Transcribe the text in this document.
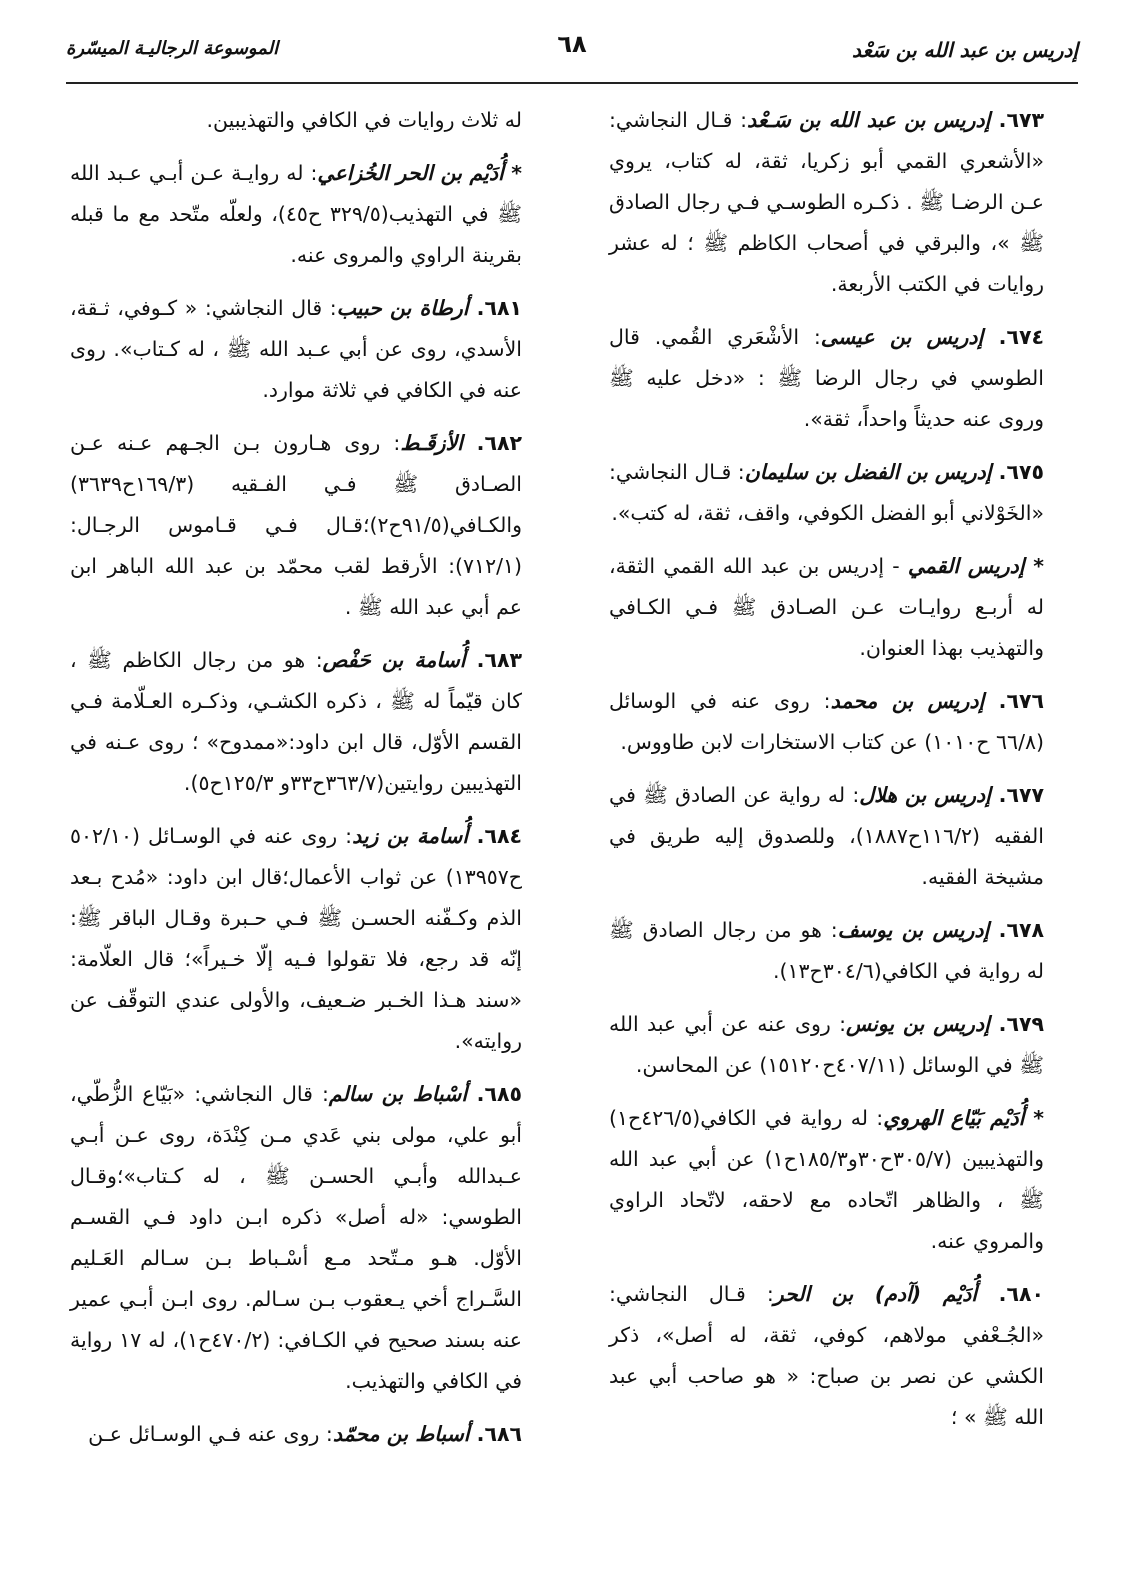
إدريس بن عبد الله بن سَعْد
٦٨
الموسوعة الرجاليـة الميسّرة

٦٧٣. إدريس بن عبد الله بن سَـعْد: قـال النجاشي: «الأشعري القمي أبو زكريا، ثقة، له كتاب، يروي عـن الرضـا ﷺ . ذكـره الطوسـي فـي رجال الصادق ﷺ »، والبرقي في أصحاب الكاظم ﷺ ؛ له عشر روايات في الكتب الأربعة.

٦٧٤. إدريس بن عيسى: الأشْعَري القُمي. قال الطوسي في رجال الرضا ﷺ : «دخل عليه ﷺ وروى عنه حديثاً واحداً، ثقة».

٦٧٥. إدريس بن الفضل بن سليمان: قـال النجاشي: «الخَوْلاني أبو الفضل الكوفي، واقف، ثقة، له كتب».

* إدريس القمي - إدريس بن عبد الله القمي الثقة، له أربـع روايـات عـن الصـادق ﷺ فـي الكـافي والتهذيب بهذا العنوان.

٦٧٦. إدريس بن محمد: روى عنه في الوسائل (٦٦/٨ ح١٠١٠) عن كتاب الاستخارات لابن طاووس.

٦٧٧. إدريس بن هلال: له رواية عن الصادق ﷺ في الفقيه (١١٦/٢ح١٨٨٧)، وللصدوق إليه طريق في مشيخة الفقيه.

٦٧٨. إدريس بن يوسف: هو من رجال الصادق ﷺ له رواية في الكافي(٣٠٤/٦ح١٣).

٦٧٩. إدريس بن يونس: روى عنه عن أبي عبد الله ﷺ في الوسائل (٤٠٧/١١ح١٥١٢٠) عن المحاسن.

* أُدَيْم بَيّاع الهروي: له رواية في الكافي(٤٢٦/٥ح١) والتهذيبين (٣٠٥/٧ح٣٠و١٨٥/٣ح١) عن أبي عبد الله ﷺ ، والظاهر اتّحاده مع لاحقه، لاتّحاد الراوي والمروي عنه.

٦٨٠. أُدَيْم (آدم) بن الحر: قـال النجاشي: «الجُـعْفي مولاهم، كوفي، ثقة، له أصل»، ذكر الكشي عن نصر بن صباح: « هو صاحب أبي عبد الله ﷺ » ؛

له ثلاث روايات في الكافي والتهذيبين.

* أُدَيْم بن الحر الخُزاعي: له روايـة عـن أبـي عـبد الله ﷺ في التهذيب(٣٢٩/٥ ح٤٥)، ولعلّه متّحد مع ما قبله بقرينة الراوي والمروى عنه.

٦٨١. أرطاة بن حبيب: قال النجاشي: « كـوفي، ثـقة، الأسدي، روى عن أبي عـبد الله ﷺ ، له كـتاب». روى عنه في الكافي في ثلاثة موارد.

٦٨٢. الأزقَـط: روى هـارون بـن الجـهم عـنه عـن الصـادق ﷺ فـي الفـقيه (١٦٩/٣ح٣٦٣٩) والكـافي(٩١/٥ح٢)؛قـال فـي قـاموس الرجـال: (٧١٢/١): الأرقط لقب محمّد بن عبد الله الباهر ابن عم أبي عبد الله ﷺ .

٦٨٣. أُسامة بن حَفْص: هو من رجال الكاظم ﷺ ، كان قيّماً له ﷺ ، ذكره الكشـي، وذكـره العـلّامة فـي القسم الأوّل، قال ابن داود:«ممدوح» ؛ روى عـنه في التهذيبين روايتين(٣٦٣/٧ح٣٣و ١٢٥/٣ح٥).

٦٨٤. أُسامة بن زيد: روى عنه في الوسـائل (٥٠٢/١٠ ح١٣٩٥٧) عن ثواب الأعمال؛قال ابن داود: «مُدح بـعد الذم وكـفّنه الحسـن ﷺ فـي حـبرة وقـال الباقر ﷺ: إنّه قد رجع، فلا تقولوا فـيه إلّا خـيراً»؛ قال العلّامة: «سند هـذا الخـبر ضـعيف، والأولى عندي التوقّف عن روايته».

٦٨٥. أسْباط بن سالم: قال النجاشي: «بَيّاع الزُّطّي، أبو علي، مولى بني عَدي مـن كِنْدَة، روى عـن أبـي عـبدالله وأبـي الحسـن ﷺ ، له كـتاب»؛وقـال الطوسي: «له أصل» ذكره ابـن داود فـي القسـم الأوّل. هـو مـتّحد مـع أسْـباط بـن سـالم العَـليم السَّـراج أخي يـعقوب بـن سـالم. روى ابـن أبـي عمير عنه بسند صحيح في الكـافي: (٤٧٠/٢ح١)، له ١٧ رواية في الكافي والتهذيب.

٦٨٦. أسباط بن محمّد: روى عنه فـي الوسـائل عـن
